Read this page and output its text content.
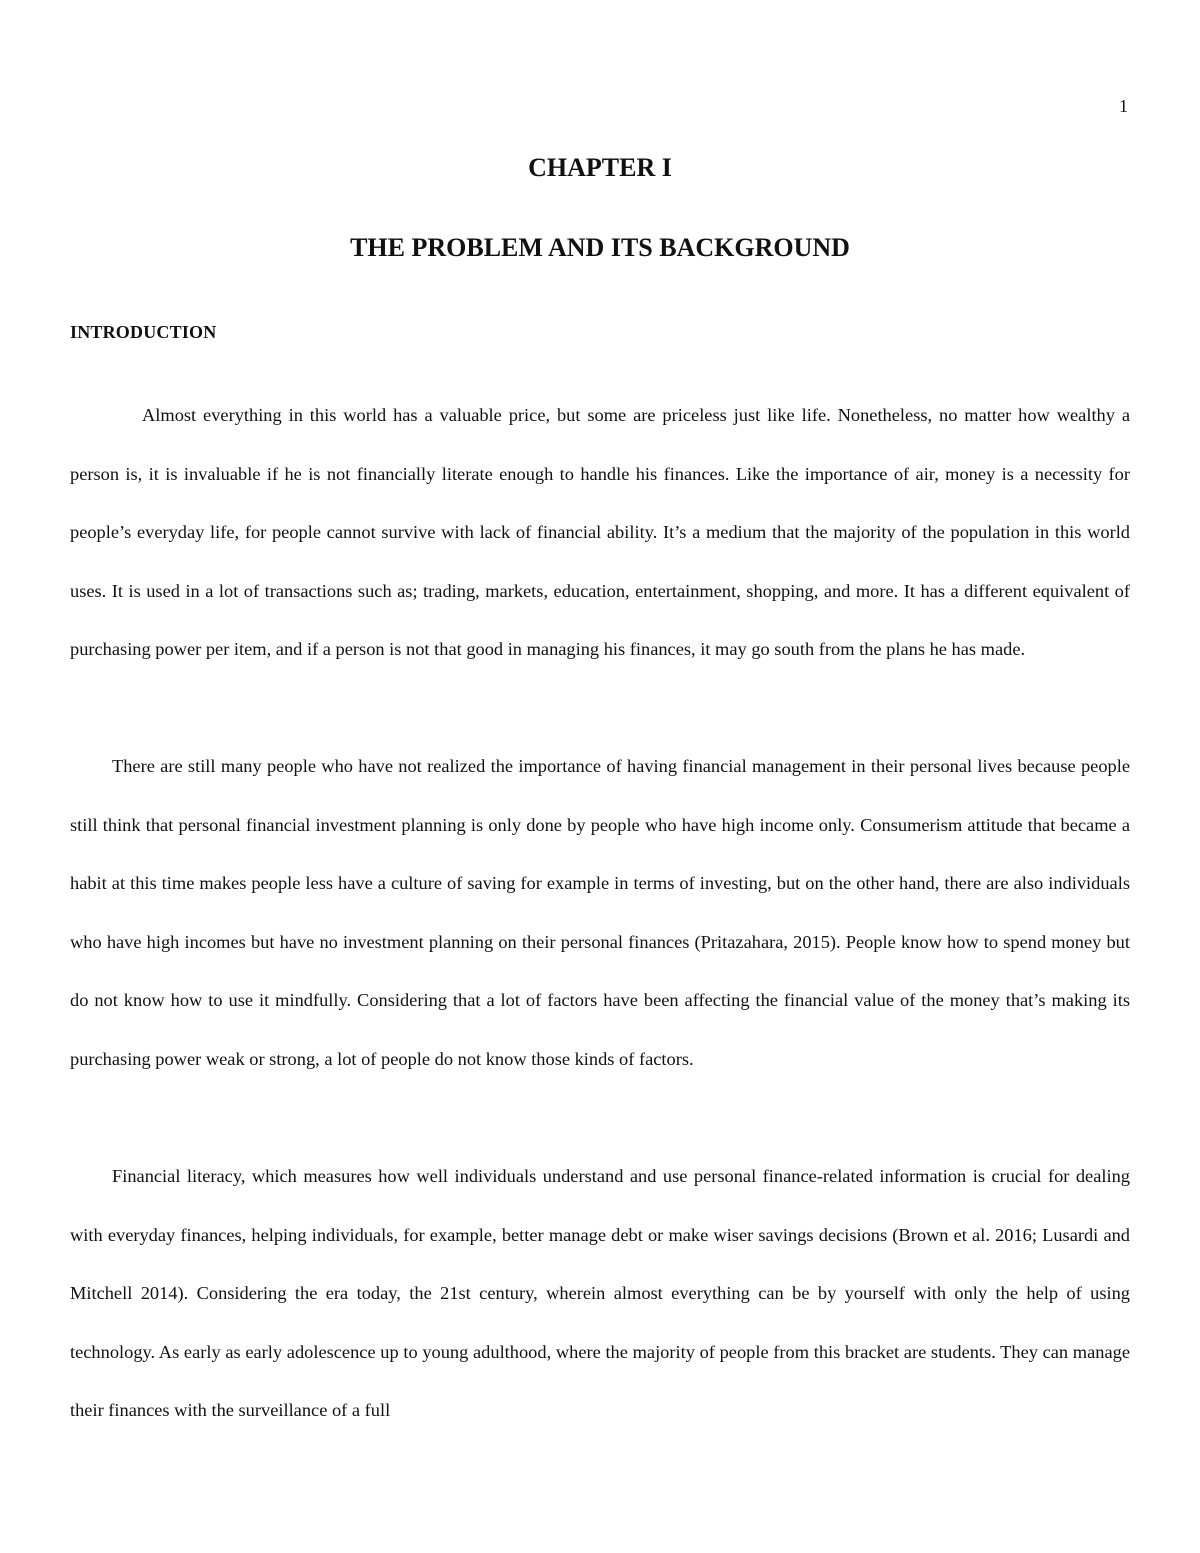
1
CHAPTER I
THE PROBLEM AND ITS BACKGROUND
INTRODUCTION

Almost everything in this world has a valuable price, but some are priceless just like life. Nonetheless, no matter how wealthy a person is, it is invaluable if he is not financially literate enough to handle his finances. Like the importance of air, money is a necessity for people’s everyday life, for people cannot survive with lack of financial ability. It’s a medium that the majority of the population in this world uses. It is used in a lot of transactions such as; trading, markets, education, entertainment, shopping, and more. It has a different equivalent of purchasing power per item, and if a person is not that good in managing his finances, it may go south from the plans he has made.

There are still many people who have not realized the importance of having financial management in their personal lives because people still think that personal financial investment planning is only done by people who have high income only. Consumerism attitude that became a habit at this time makes people less have a culture of saving for example in terms of investing, but on the other hand, there are also individuals who have high incomes but have no investment planning on their personal finances (Pritazahara, 2015). People know how to spend money but do not know how to use it mindfully. Considering that a lot of factors have been affecting the financial value of the money that’s making its purchasing power weak or strong, a lot of people do not know those kinds of factors.

Financial literacy, which measures how well individuals understand and use personal finance-related information is crucial for dealing with everyday finances, helping individuals, for example, better manage debt or make wiser savings decisions (Brown et al. 2016; Lusardi and Mitchell 2014). Considering the era today, the 21st century, wherein almost everything can be by yourself with only the help of using technology. As early as early adolescence up to young adulthood, where the majority of people from this bracket are students. They can manage their finances with the surveillance of a full
